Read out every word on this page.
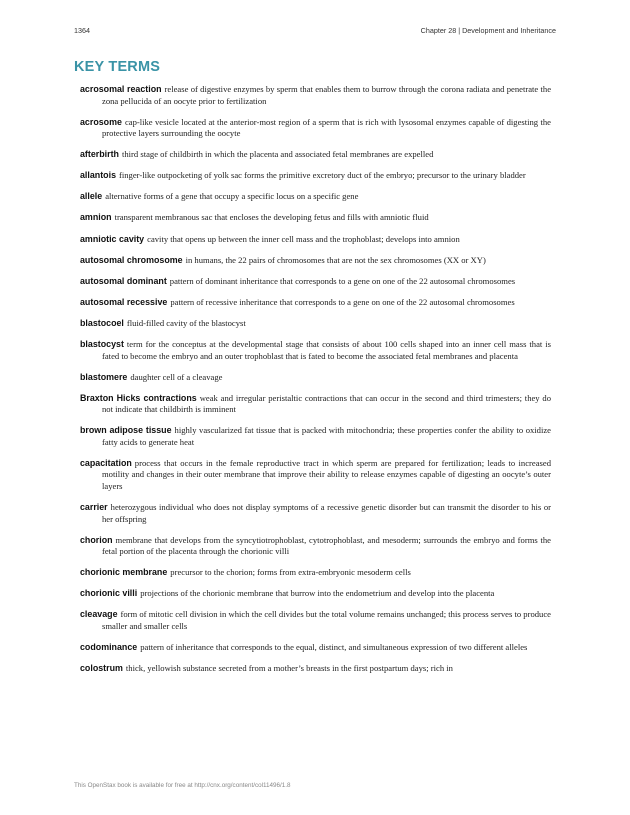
1364	Chapter 28 | Development and Inheritance
KEY TERMS
acrosomal reaction release of digestive enzymes by sperm that enables them to burrow through the corona radiata and penetrate the zona pellucida of an oocyte prior to fertilization
acrosome cap-like vesicle located at the anterior-most region of a sperm that is rich with lysosomal enzymes capable of digesting the protective layers surrounding the oocyte
afterbirth third stage of childbirth in which the placenta and associated fetal membranes are expelled
allantois finger-like outpocketing of yolk sac forms the primitive excretory duct of the embryo; precursor to the urinary bladder
allele alternative forms of a gene that occupy a specific locus on a specific gene
amnion transparent membranous sac that encloses the developing fetus and fills with amniotic fluid
amniotic cavity cavity that opens up between the inner cell mass and the trophoblast; develops into amnion
autosomal chromosome in humans, the 22 pairs of chromosomes that are not the sex chromosomes (XX or XY)
autosomal dominant pattern of dominant inheritance that corresponds to a gene on one of the 22 autosomal chromosomes
autosomal recessive pattern of recessive inheritance that corresponds to a gene on one of the 22 autosomal chromosomes
blastocoel fluid-filled cavity of the blastocyst
blastocyst term for the conceptus at the developmental stage that consists of about 100 cells shaped into an inner cell mass that is fated to become the embryo and an outer trophoblast that is fated to become the associated fetal membranes and placenta
blastomere daughter cell of a cleavage
Braxton Hicks contractions weak and irregular peristaltic contractions that can occur in the second and third trimesters; they do not indicate that childbirth is imminent
brown adipose tissue highly vascularized fat tissue that is packed with mitochondria; these properties confer the ability to oxidize fatty acids to generate heat
capacitation process that occurs in the female reproductive tract in which sperm are prepared for fertilization; leads to increased motility and changes in their outer membrane that improve their ability to release enzymes capable of digesting an oocyte’s outer layers
carrier heterozygous individual who does not display symptoms of a recessive genetic disorder but can transmit the disorder to his or her offspring
chorion membrane that develops from the syncytiotrophoblast, cytotrophoblast, and mesoderm; surrounds the embryo and forms the fetal portion of the placenta through the chorionic villi
chorionic membrane precursor to the chorion; forms from extra-embryonic mesoderm cells
chorionic villi projections of the chorionic membrane that burrow into the endometrium and develop into the placenta
cleavage form of mitotic cell division in which the cell divides but the total volume remains unchanged; this process serves to produce smaller and smaller cells
codominance pattern of inheritance that corresponds to the equal, distinct, and simultaneous expression of two different alleles
colostrum thick, yellowish substance secreted from a mother’s breasts in the first postpartum days; rich in
This OpenStax book is available for free at http://cnx.org/content/col11496/1.8
